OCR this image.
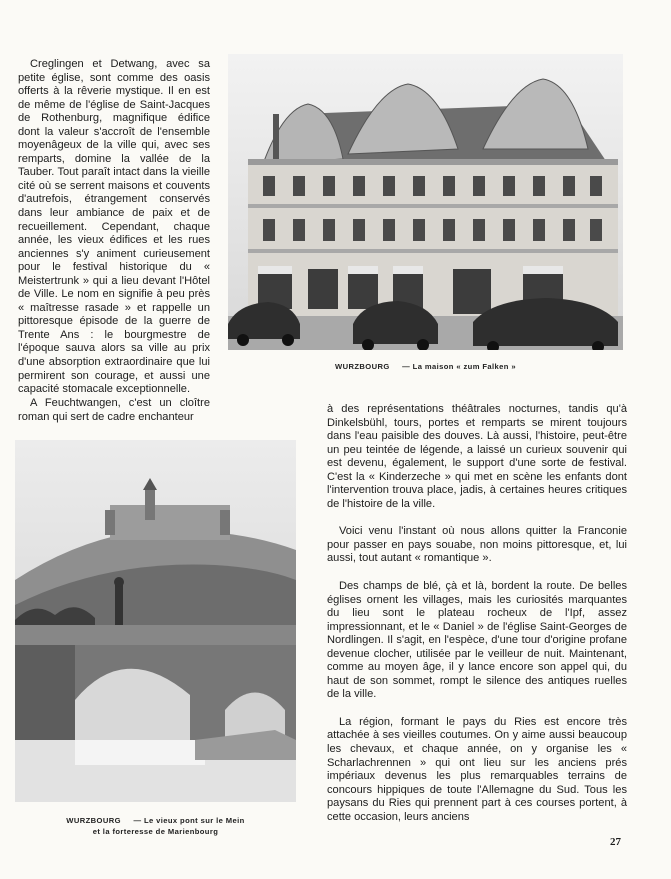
Creglingen et Detwang, avec sa petite église, sont comme des oasis offerts à la rêverie mystique. Il en est de même de l'église de Saint-Jacques de Rothenburg, magnifique édifice dont la valeur s'accroît de l'ensemble moyenâgeux de la ville qui, avec ses remparts, domine la vallée de la Tauber. Tout paraît intact dans la vieille cité où se serrent maisons et couvents d'autrefois, étrangement conservés dans leur ambiance de paix et de recueillement. Cependant, chaque année, les vieux édifices et les rues anciennes s'y animent curieusement pour le festival historique du « Meistertrunk » qui a lieu devant l'Hôtel de Ville. Le nom en signifie à peu près « maîtresse rasade » et rappelle un pittoresque épisode de la guerre de Trente Ans : le bourgmestre de l'époque sauva alors sa ville au prix d'une absorption extraordinaire que lui permirent son courage, et aussi une capacité stomacale exceptionnelle.

A Feuchtwangen, c'est un cloître roman qui sert de cadre enchanteur

WURZBOURG — La maison « zum Falken »
WURZBOURG — Le vieux pont sur le Mein
et la forteresse de Marienbourg

à des représentations théâtrales nocturnes, tandis qu'à Dinkelsbühl, tours, portes et remparts se mirent toujours dans l'eau paisible des douves. Là aussi, l'histoire, peut-être un peu teintée de légende, a laissé un curieux souvenir qui est devenu, également, le support d'une sorte de festival. C'est la « Kinderzeche » qui met en scène les enfants dont l'intervention trouva place, jadis, à certaines heures critiques de l'histoire de la ville.

Voici venu l'instant où nous allons quitter la Franconie pour passer en pays souabe, non moins pittoresque, et, lui aussi, tout autant « romantique ».

Des champs de blé, çà et là, bordent la route. De belles églises ornent les villages, mais les curiosités marquantes du lieu sont le plateau rocheux de l'Ipf, assez impressionnant, et le « Daniel » de l'église Saint-Georges de Nordlingen. Il s'agit, en l'espèce, d'une tour d'origine profane devenue clocher, utilisée par le veilleur de nuit. Maintenant, comme au moyen âge, il y lance encore son appel qui, du haut de son sommet, rompt le silence des antiques ruelles de la ville.

La région, formant le pays du Ries est encore très attachée à ses vieilles coutumes. On y aime aussi beaucoup les chevaux, et chaque année, on y organise les « Scharlachrennen » qui ont lieu sur les anciens prés impériaux devenus les plus remarquables terrains de concours hippiques de toute l'Allemagne du Sud. Tous les paysans du Ries qui prennent part à ces courses portent, à cette occasion, leurs anciens

27
